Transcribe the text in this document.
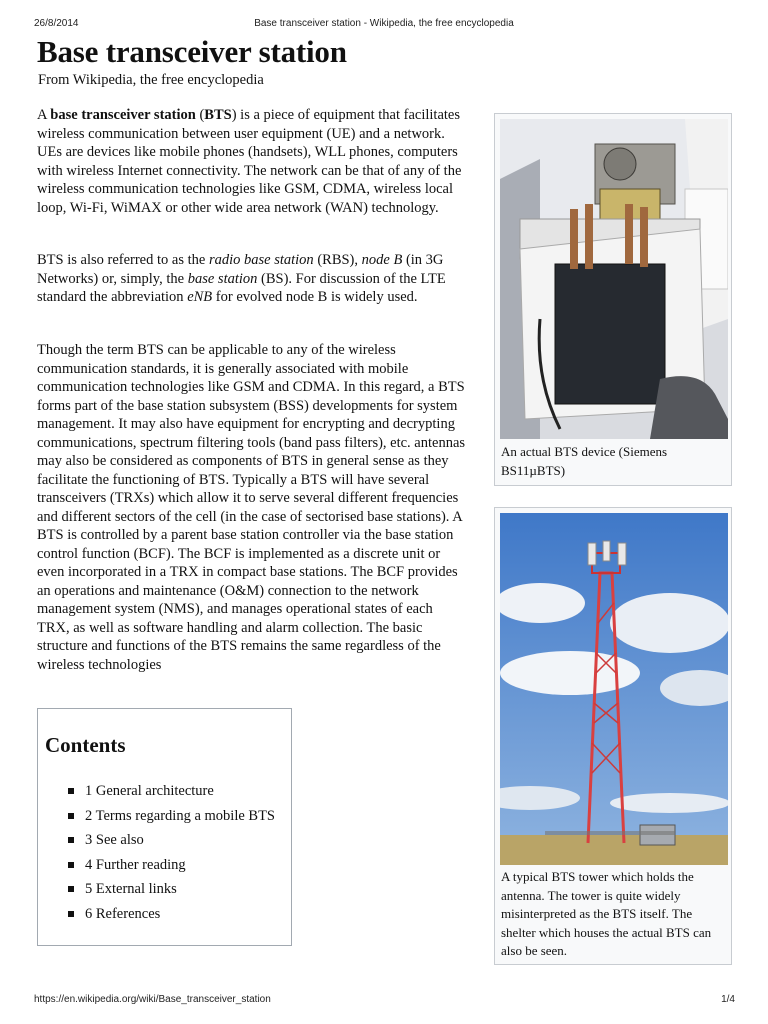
26/8/2014	Base transceiver station - Wikipedia, the free encyclopedia
Base transceiver station
From Wikipedia, the free encyclopedia

A base transceiver station (BTS) is a piece of equipment that facilitates wireless communication between user equipment (UE) and a network. UEs are devices like mobile phones (handsets), WLL phones, computers with wireless Internet connectivity. The network can be that of any of the wireless communication technologies like GSM, CDMA, wireless local loop, Wi-Fi, WiMAX or other wide area network (WAN) technology.

BTS is also referred to as the radio base station (RBS), node B (in 3G Networks) or, simply, the base station (BS). For discussion of the LTE standard the abbreviation eNB for evolved node B is widely used.

Though the term BTS can be applicable to any of the wireless communication standards, it is generally associated with mobile communication technologies like GSM and CDMA. In this regard, a BTS forms part of the base station subsystem (BSS) developments for system management. It may also have equipment for encrypting and decrypting communications, spectrum filtering tools (band pass filters), etc. antennas may also be considered as components of BTS in general sense as they facilitate the functioning of BTS. Typically a BTS will have several transceivers (TRXs) which allow it to serve several different frequencies and different sectors of the cell (in the case of sectorised base stations). A BTS is controlled by a parent base station controller via the base station control function (BCF). The BCF is implemented as a discrete unit or even incorporated in a TRX in compact base stations. The BCF provides an operations and maintenance (O&M) connection to the network management system (NMS), and manages operational states of each TRX, as well as software handling and alarm collection. The basic structure and functions of the BTS remains the same regardless of the wireless technologies

Contents
1 General architecture
2 Terms regarding a mobile BTS
3 See also
4 Further reading
5 External links
6 References
An actual BTS device (Siemens BS11µBTS)
A typical BTS tower which holds the antenna. The tower is quite widely misinterpreted as the BTS itself. The shelter which houses the actual BTS can also be seen.
https://en.wikipedia.org/wiki/Base_transceiver_station	1/4
